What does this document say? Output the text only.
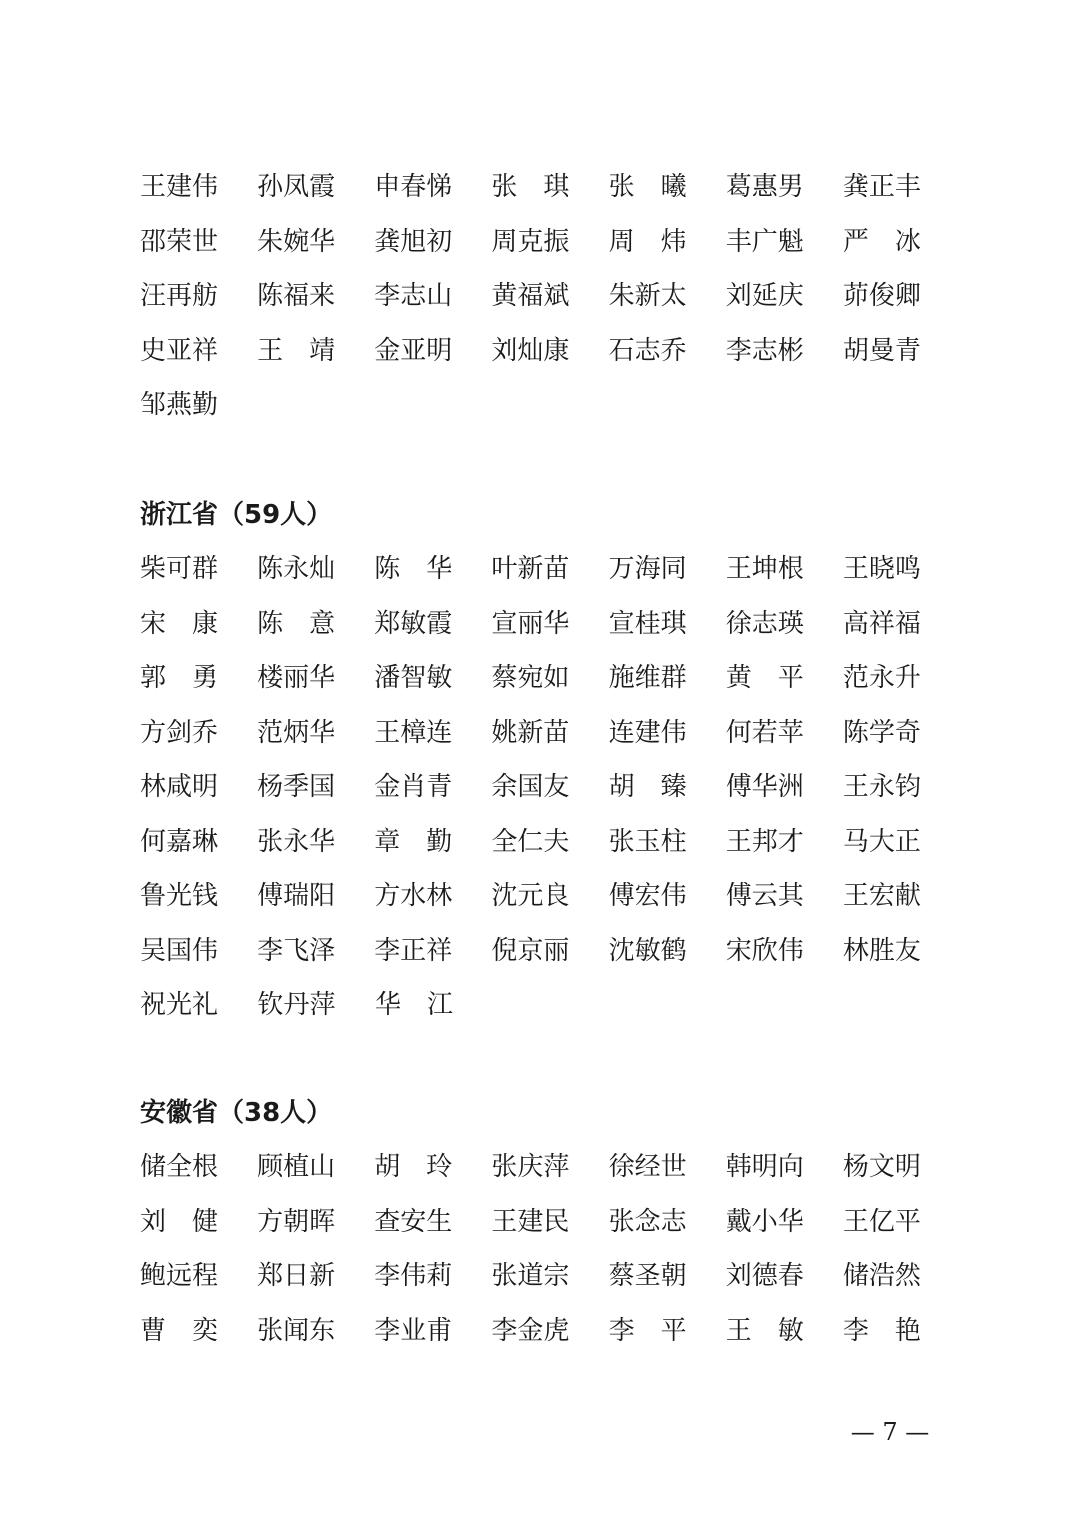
王建伟	孙凤霞	申春悌	张　琪	张　曦	葛惠男	龚正丰
邵荣世	朱婉华	龚旭初	周克振	周　炜	丰广魁	严　冰
汪再舫	陈福来	李志山	黄福斌	朱新太	刘延庆	茆俊卿
史亚祥	王　靖	金亚明	刘灿康	石志乔	李志彬	胡曼青
邹燕勤
浙江省（59人）
柴可群	陈永灿	陈　华	叶新苗	万海同	王坤根	王晓鸣
宋　康	陈　意	郑敏霞	宣丽华	宣桂琪	徐志瑛	高祥福
郭　勇	楼丽华	潘智敏	蔡宛如	施维群	黄　平	范永升
方剑乔	范炳华	王樟连	姚新苗	连建伟	何若苹	陈学奇
林咸明	杨季国	金肖青	余国友	胡　臻	傅华洲	王永钧
何嘉琳	张永华	章　勤	全仁夫	张玉柱	王邦才	马大正
鲁光钱	傅瑞阳	方水林	沈元良	傅宏伟	傅云其	王宏献
吴国伟	李飞泽	李正祥	倪京丽	沈敏鹤	宋欣伟	林胜友
祝光礼	钦丹萍	华　江
安徽省（38人）
储全根	顾植山	胡　玲	张庆萍	徐经世	韩明向	杨文明
刘　健	方朝晖	查安生	王建民	张念志	戴小华	王亿平
鲍远程	郑日新	李伟莉	张道宗	蔡圣朝	刘德春	储浩然
曹　奕	张闻东	李业甫	李金虎	李　平	王　敏	李　艳
— 7 —
